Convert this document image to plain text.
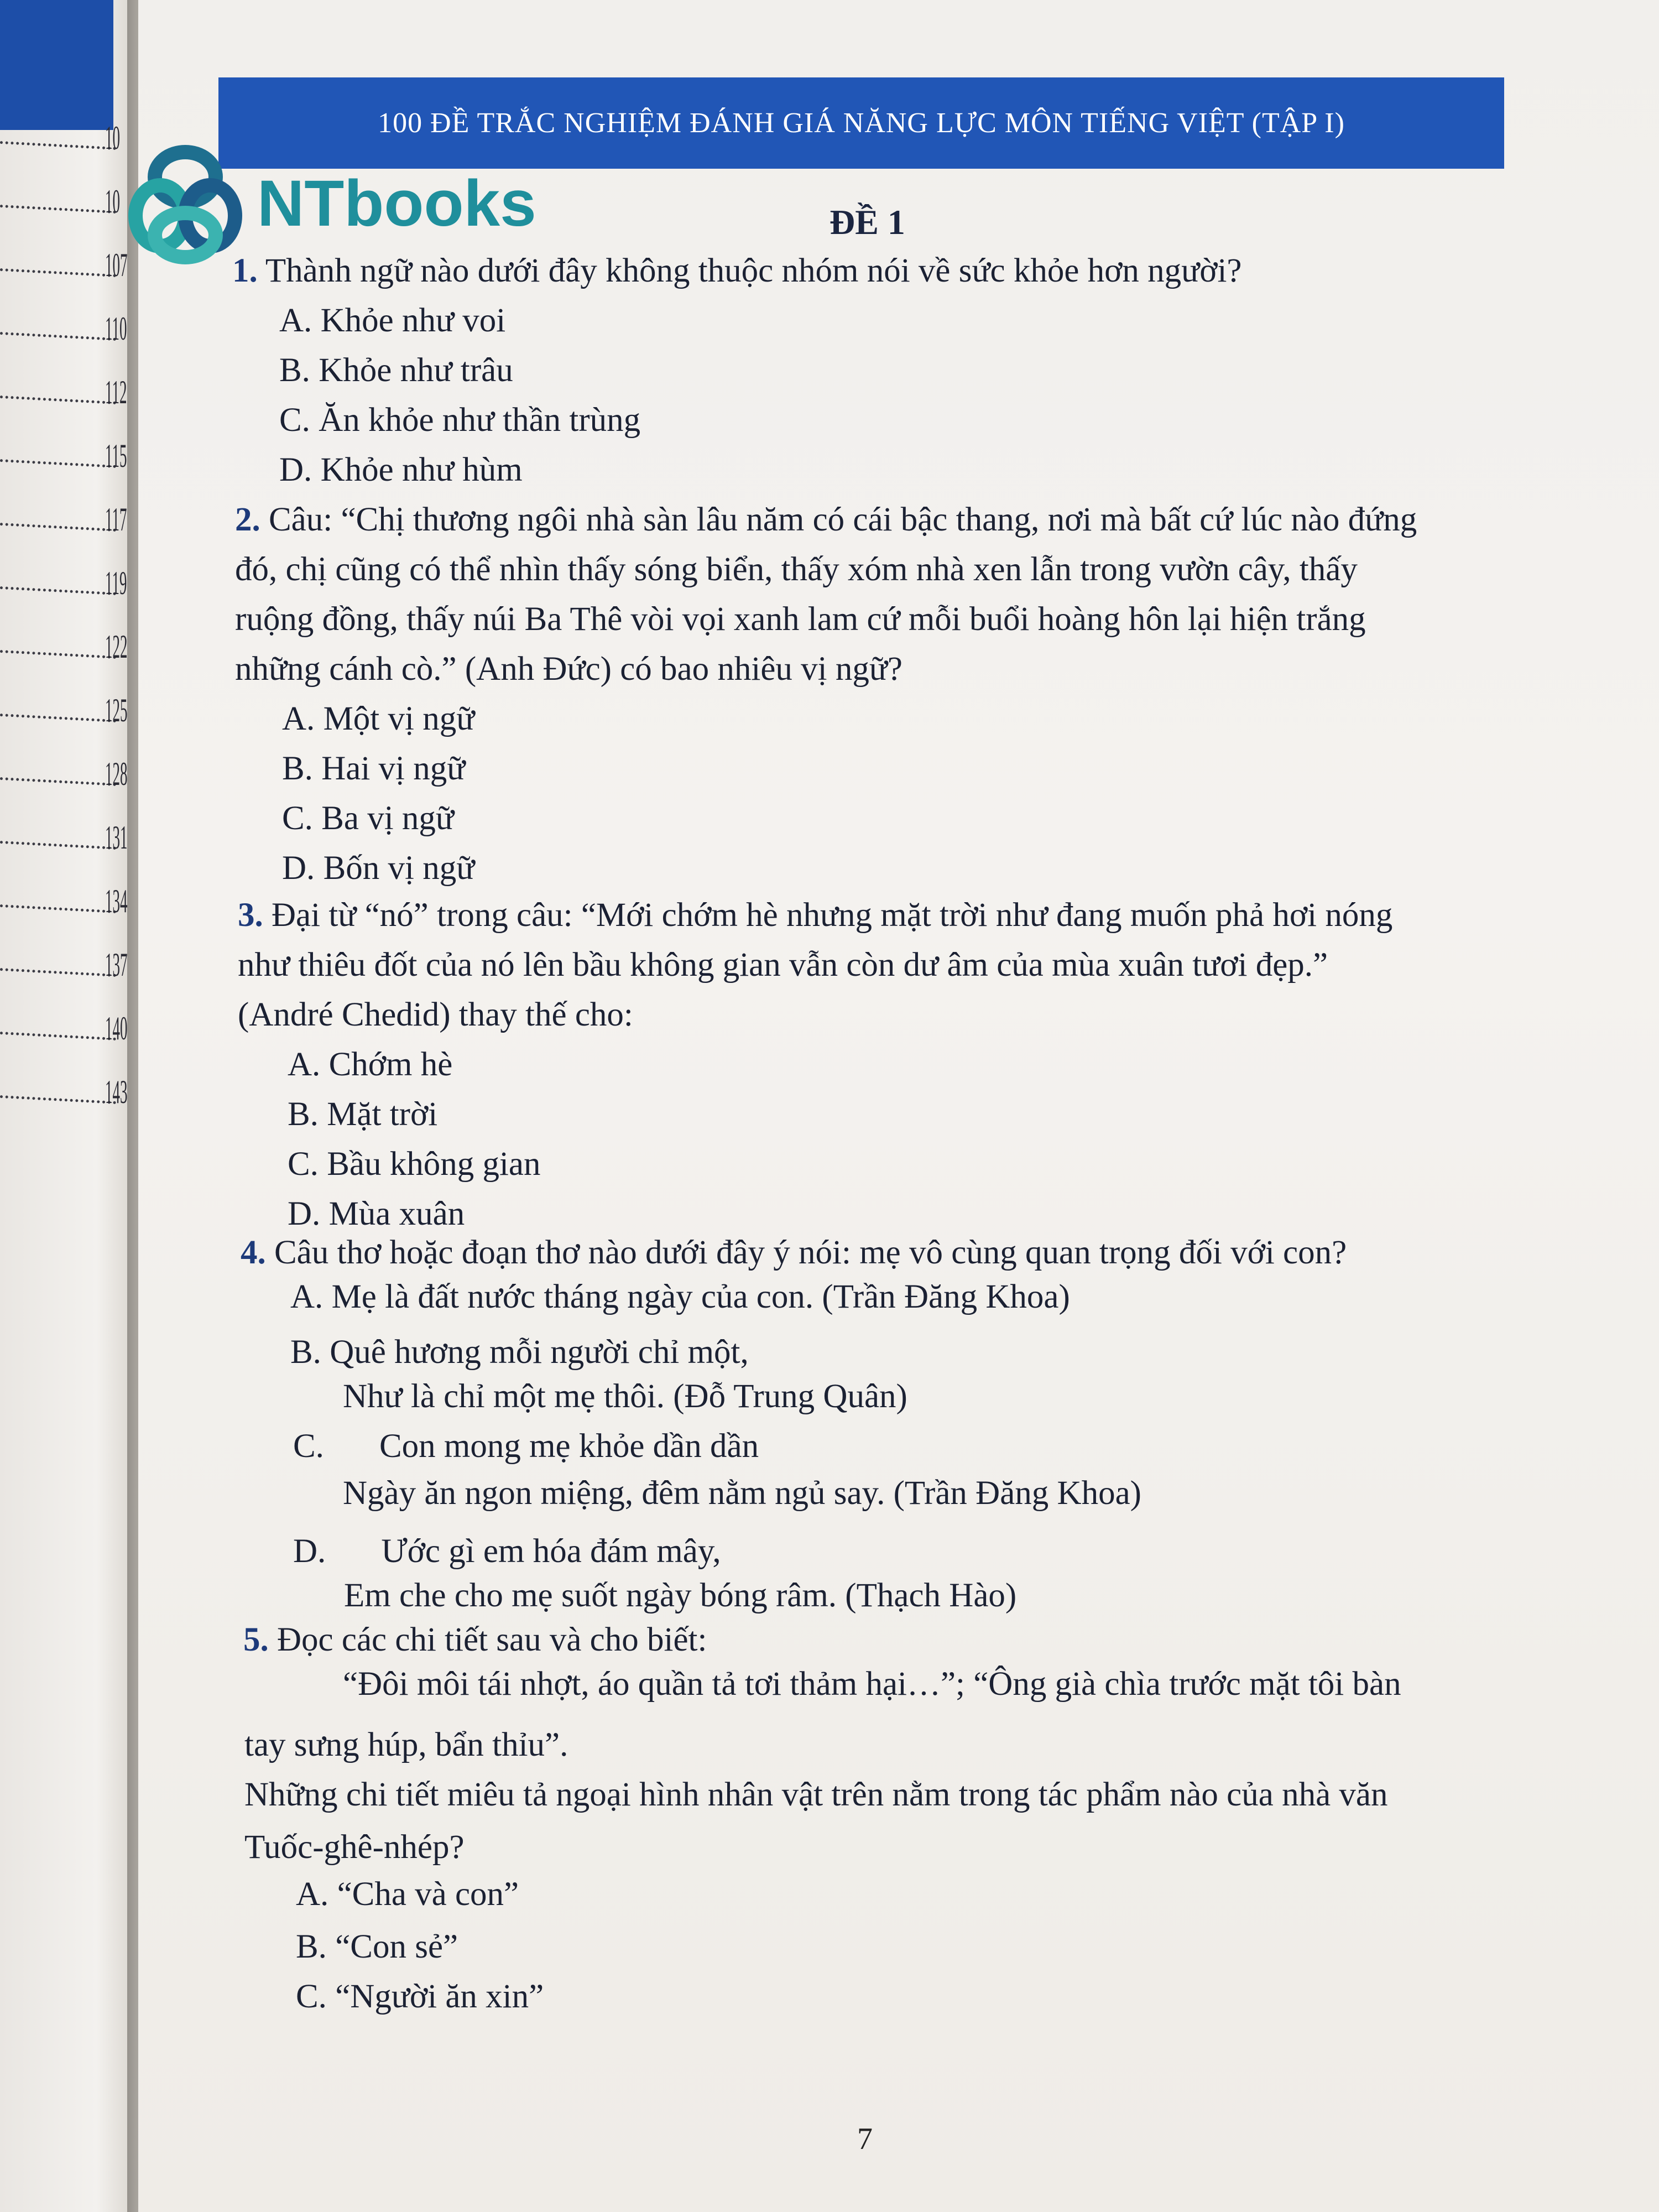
10
10
107
110
112
115
117
119
122
125
128
131
134
137
140
143
100 ĐỀ TRẮC NGHIỆM ĐÁNH GIÁ NĂNG LỰC MÔN TIẾNG VIỆT (TẬP I)
NTbooks	ĐỀ 1
1. Thành ngữ nào dưới đây không thuộc nhóm nói về sức khỏe hơn người?
A. Khỏe như voi
B. Khỏe như trâu
C. Ăn khỏe như thần trùng
D. Khỏe như hùm
2. Câu: “Chị thương ngôi nhà sàn lâu năm có cái bậc thang, nơi mà bất cứ lúc nào đứng
đó, chị cũng có thể nhìn thấy sóng biển, thấy xóm nhà xen lẫn trong vườn cây, thấy
ruộng đồng, thấy núi Ba Thê vòi vọi xanh lam cứ mỗi buổi hoàng hôn lại hiện trắng
những cánh cò.” (Anh Đức) có bao nhiêu vị ngữ?
A. Một vị ngữ
B. Hai vị ngữ
C. Ba vị ngữ
D. Bốn vị ngữ
3. Đại từ “nó” trong câu: “Mới chớm hè nhưng mặt trời như đang muốn phả hơi nóng
như thiêu đốt của nó lên bầu không gian vẫn còn dư âm của mùa xuân tươi đẹp.”
(André Chedid) thay thế cho:
A. Chớm hè
B. Mặt trời
C. Bầu không gian
D. Mùa xuân
4. Câu thơ hoặc đoạn thơ nào dưới đây ý nói: mẹ vô cùng quan trọng đối với con?
A. Mẹ là đất nước tháng ngày của con. (Trần Đăng Khoa)
B. Quê hương mỗi người chỉ một,
Như là chỉ một mẹ thôi. (Đỗ Trung Quân)
C. Con mong mẹ khỏe dần dần
Ngày ăn ngon miệng, đêm nằm ngủ say. (Trần Đăng Khoa)
D. Ước gì em hóa đám mây,
Em che cho mẹ suốt ngày bóng râm. (Thạch Hào)
5. Đọc các chi tiết sau và cho biết:
“Đôi môi tái nhợt, áo quần tả tơi thảm hại…”; “Ông già chìa trước mặt tôi bàn
tay sưng húp, bẩn thỉu”.
Những chi tiết miêu tả ngoại hình nhân vật trên nằm trong tác phẩm nào của nhà văn
Tuốc-ghê-nhép?
A. “Cha và con”
B. “Con sẻ”
C. “Người ăn xin”
7
